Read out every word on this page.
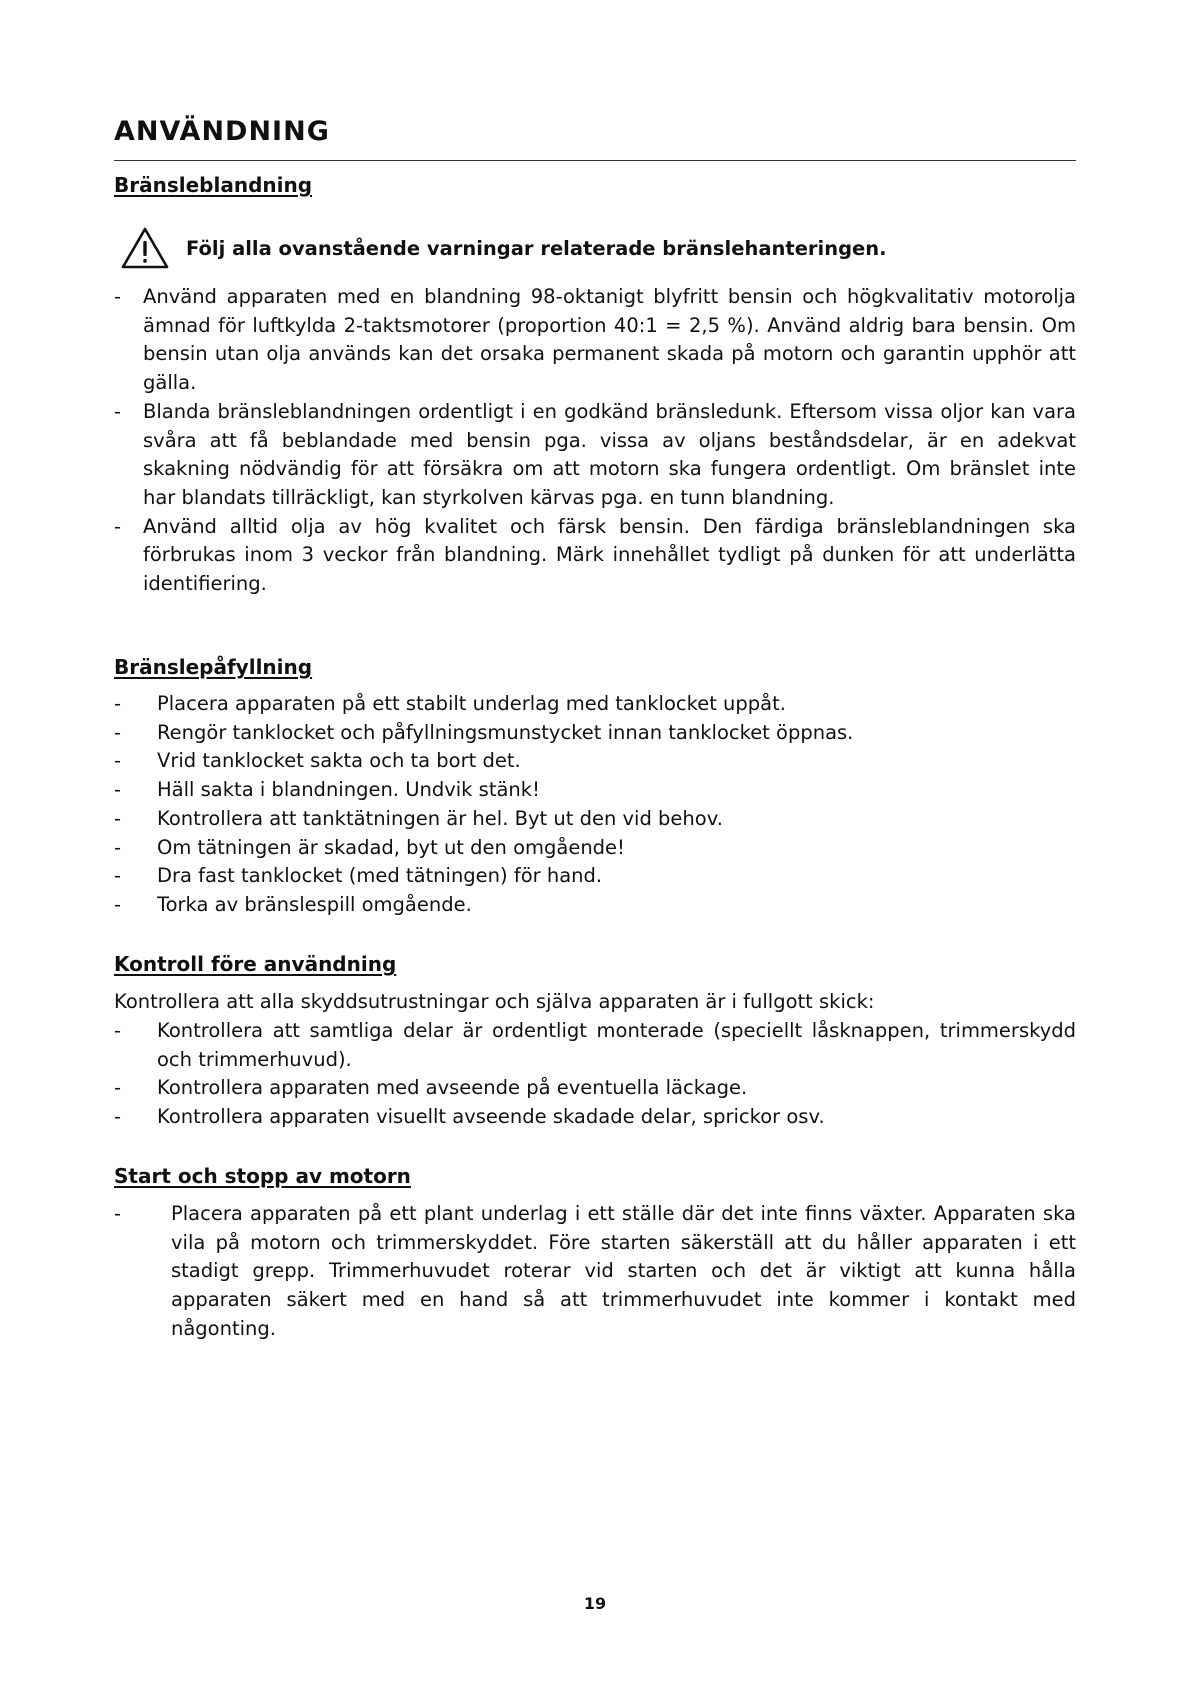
ANVÄNDNING
Bränsleblandning
Följ alla ovanstående varningar relaterade bränslehanteringen.
- Använd apparaten med en blandning 98-oktanigt blyfritt bensin och högkvalitativ motorolja ämnad för luftkylda 2-taktsmotorer (proportion 40:1 = 2,5 %). Använd aldrig bara bensin. Om bensin utan olja används kan det orsaka permanent skada på motorn och garantin upphör att gälla.
- Blanda bränsleblandningen ordentligt i en godkänd bränsledunk. Eftersom vissa oljor kan vara svåra att få beblandade med bensin pga. vissa av oljans beståndsdelar, är en adekvat skakning nödvändig för att försäkra om att motorn ska fungera ordentligt. Om bränslet inte har blandats tillräckligt, kan styrkolven kärvas pga. en tunn blandning.
- Använd alltid olja av hög kvalitet och färsk bensin. Den färdiga bränsleblandningen ska förbrukas inom 3 veckor från blandning. Märk innehållet tydligt på dunken för att underlätta identifiering.
Bränslepåfyllning
- Placera apparaten på ett stabilt underlag med tanklocket uppåt.
- Rengör tanklocket och påfyllningsmunstycket innan tanklocket öppnas.
- Vrid tanklocket sakta och ta bort det.
- Häll sakta i blandningen. Undvik stänk!
- Kontrollera att tanktätningen är hel. Byt ut den vid behov.
- Om tätningen är skadad, byt ut den omgående!
- Dra fast tanklocket (med tätningen) för hand.
- Torka av bränslespill omgående.
Kontroll före användning

Kontrollera att alla skyddsutrustningar och själva apparaten är i fullgott skick:

- Kontrollera att samtliga delar är ordentligt monterade (speciellt låsknappen, trimmerskydd och trimmerhuvud).
- Kontrollera apparaten med avseende på eventuella läckage.
- Kontrollera apparaten visuellt avseende skadade delar, sprickor osv.
Start och stopp av motorn
-	Placera apparaten på ett plant underlag i ett ställe där det inte finns växter. Apparaten ska vila på motorn och trimmerskyddet. Före starten säkerställ att du håller apparaten i ett stadigt grepp. Trimmerhuvudet roterar vid starten och det är viktigt att kunna hålla apparaten säkert med en hand så att trimmerhuvudet inte kommer i kontakt med någonting.
19
